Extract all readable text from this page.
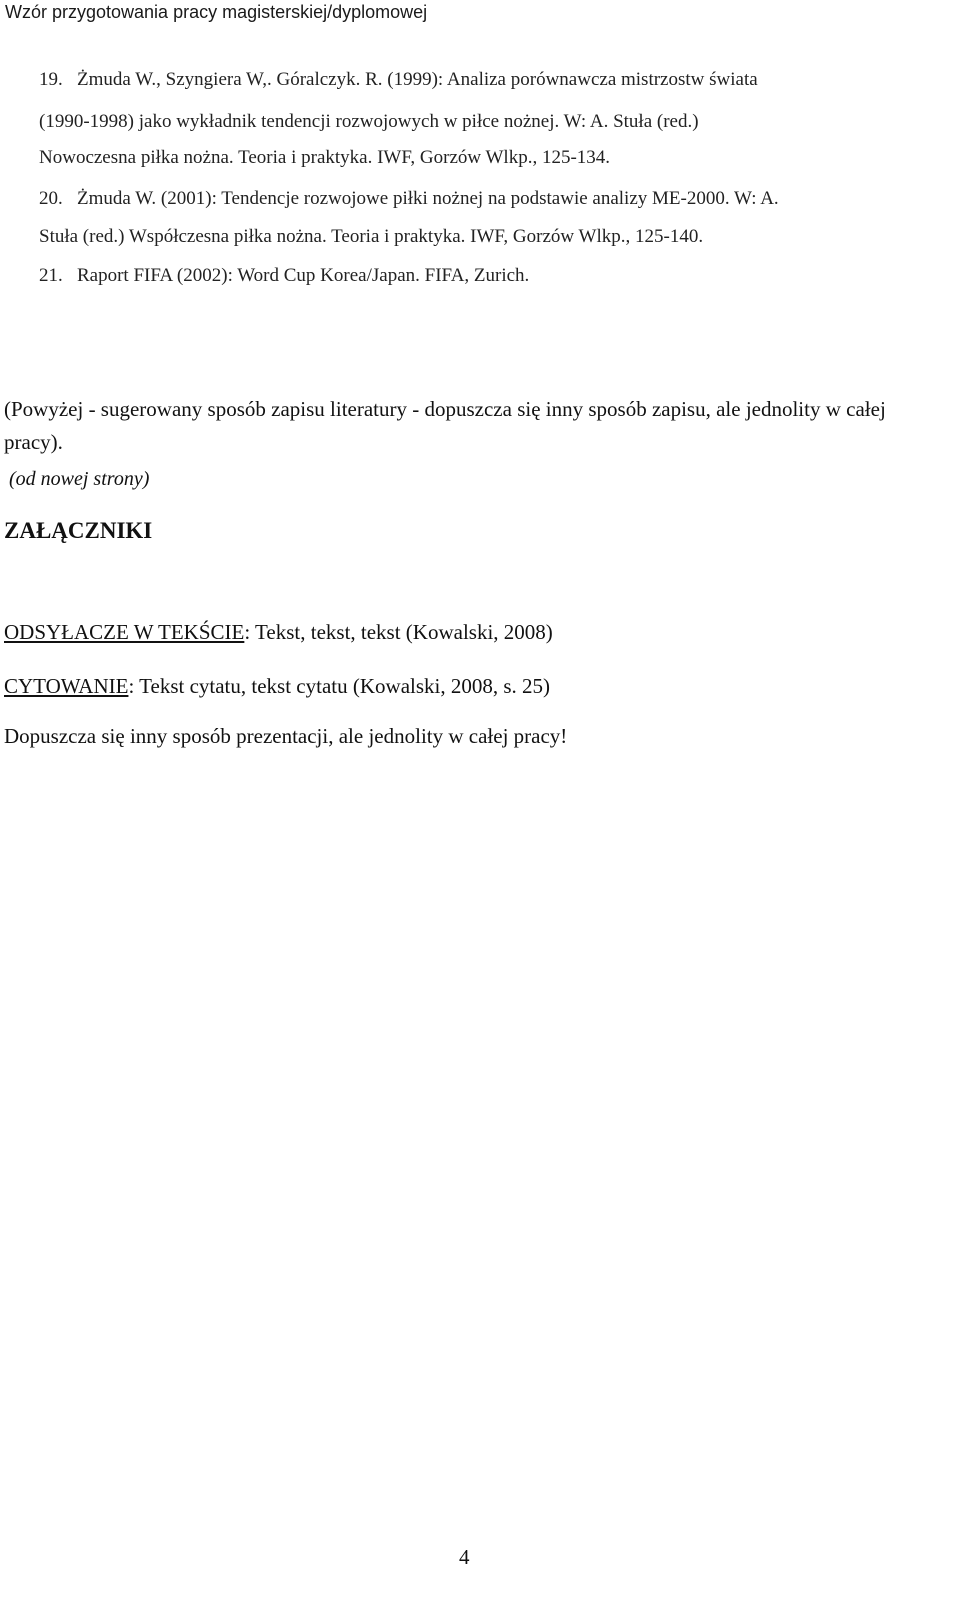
Wzór przygotowania pracy magisterskiej/dyplomowej
19. Żmuda W., Szyngiera W,. Góralczyk. R. (1999): Analiza porównawcza mistrzostw świata
(1990-1998) jako wykładnik tendencji rozwojowych w piłce nożnej. W: A. Stuła (red.)
Nowoczesna piłka nożna. Teoria i praktyka. IWF, Gorzów Wlkp., 125-134.
20. Żmuda W. (2001): Tendencje rozwojowe piłki nożnej na podstawie analizy ME-2000. W: A.
Stuła (red.) Współczesna piłka nożna. Teoria i praktyka. IWF, Gorzów Wlkp., 125-140.
21. Raport FIFA (2002): Word Cup Korea/Japan. FIFA, Zurich.
(Powyżej - sugerowany sposób zapisu literatury - dopuszcza się inny sposób zapisu, ale jednolity w całej pracy).
(od nowej strony)
ZAŁĄCZNIKI
ODSYŁACZE W TEKŚCIE: Tekst, tekst, tekst (Kowalski, 2008)
CYTOWANIE: Tekst cytatu, tekst cytatu (Kowalski, 2008, s. 25)
Dopuszcza się inny sposób prezentacji, ale jednolity w całej pracy!
4
